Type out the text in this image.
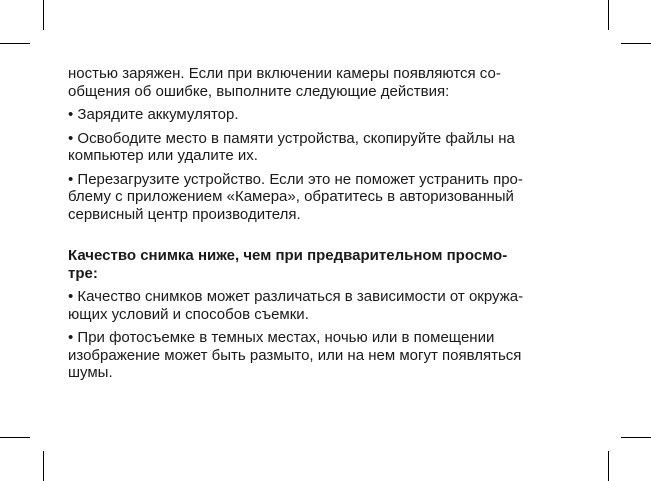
ностью заряжен. Если при включении камеры появляются со-

общения об ошибке, выполните следующие действия:

• Зарядите аккумулятор.

• Освободите место в памяти устройства, скопируйте файлы на

компьютер или удалите их.

• Перезагрузите устройство. Если это не поможет устранить про-

блему с приложением «Камера», обратитесь в авторизованный

сервисный центр производителя.

Качество снимка ниже, чем при предварительном просмо-

тре:

• Качество снимков может различаться в зависимости от окружа-

ющих условий и способов съемки.

• При фотосъемке в темных местах, ночью или в помещении

изображение может быть размыто, или на нем могут появляться

шумы.
